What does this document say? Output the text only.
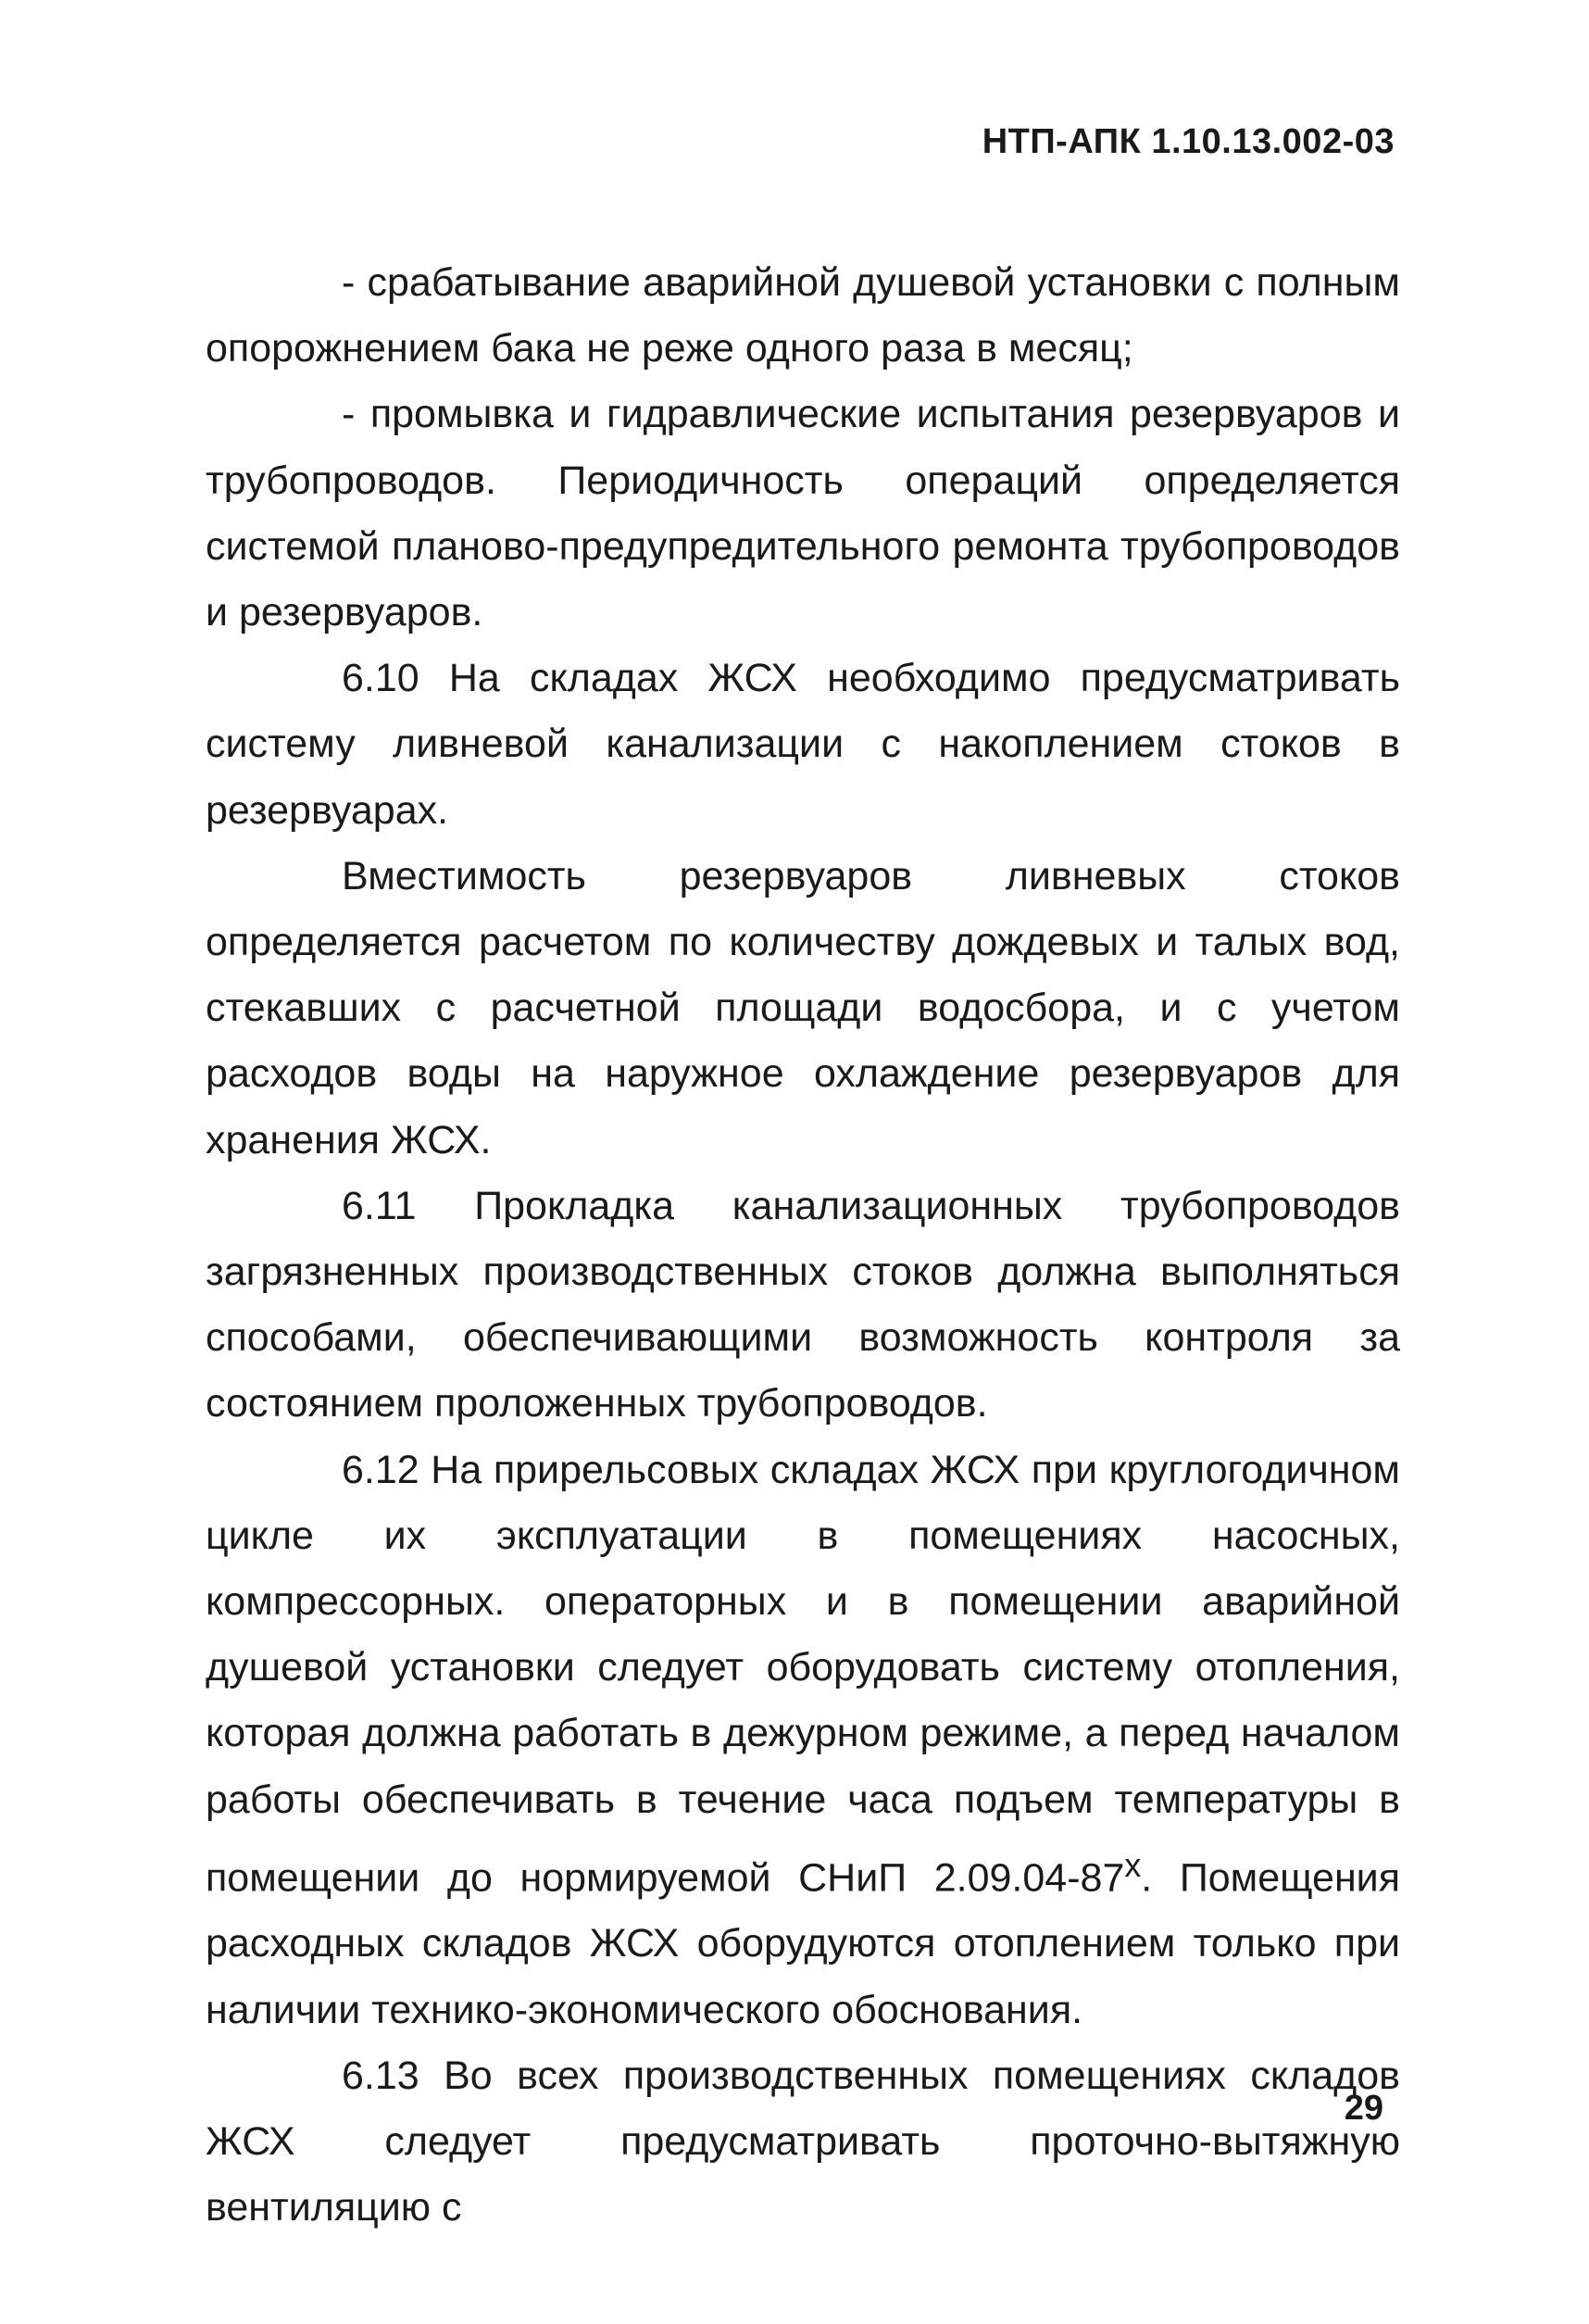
НТП-АПК 1.10.13.002-03

- срабатывание аварийной душевой установки с полным опорожнением бака не реже одного раза в месяц;

- промывка и гидравлические испытания резервуаров и трубопроводов. Периодичность операций определяется системой планово-предупредительного ремонта трубопроводов и резервуаров.

6.10 На складах ЖСХ необходимо предусматривать систему ливневой канализации с накоплением стоков в резервуарах.

Вместимость резервуаров ливневых стоков определяется расчетом по количеству дождевых и талых вод, стекавших с расчетной площади водосбора, и с учетом расходов воды на наружное охлаждение резервуаров для хранения ЖСХ.

6.11 Прокладка канализационных трубопроводов загрязненных производственных стоков должна выполняться способами, обеспечивающими возможность контроля за состоянием проложенных трубопроводов.

6.12 На прирельсовых складах ЖСХ при круглогодичном цикле их эксплуатации в помещениях насосных, компрессорных. операторных и в помещении аварийной душевой установки следует оборудовать систему отопления, которая должна работать в дежурном режиме, а перед началом работы обеспечивать в течение часа подъем температуры в помещении до нормируемой СНиП $2.09.04-87^х$. Помещения расходных складов ЖСХ оборудуются отоплением только при наличии технико-экономического обоснования.

6.13 Во всех производственных помещениях складов ЖСХ следует предусматривать проточно-вытяжную вентиляцию с

29
